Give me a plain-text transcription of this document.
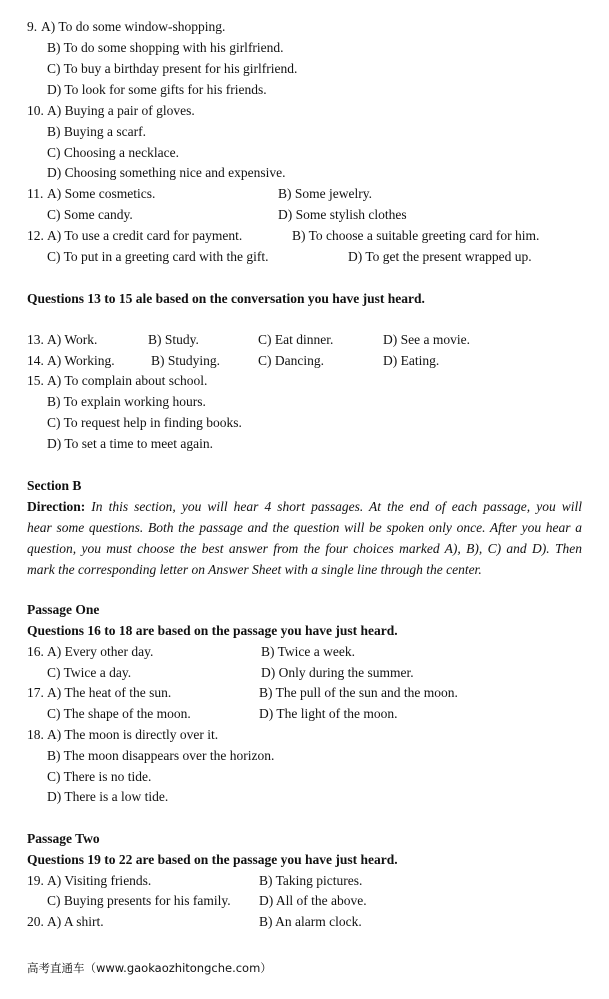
9. A) To do some window-shopping.
B) To do some shopping with his girlfriend.
C) To buy a birthday present for his girlfriend.
D) To look for some gifts for his friends.
10. A) Buying a pair of gloves.
B) Buying a scarf.
C) Choosing a necklace.
D) Choosing something nice and expensive.
11. A) Some cosmetics.	B) Some jewelry.
C) Some candy.	D) Some stylish clothes
12. A) To use a credit card for payment.	B) To choose a suitable greeting card for him.
C) To put in a greeting card with the gift.	D) To get the present wrapped up.
Questions 13 to 15 ale based on the conversation you have just heard.
13. A) Work.	B) Study.	C) Eat dinner.	D) See a movie.
14. A) Working.	B) Studying.	C) Dancing.	D) Eating.
15. A) To complain about school.
B) To explain working hours.
C) To request help in finding books.
D) To set a time to meet again.
Section B
Direction: In this section, you will hear 4 short passages. At the end of each passage, you will
hear some questions. Both the passage and the question will be spoken only once. After you hear a
question, you must choose the best answer from the four choices marked A), B), C) and D). Then
mark the corresponding letter on Answer Sheet with a single line through the center.
Passage One
Questions 16 to 18 are based on the passage you have just heard.
16. A) Every other day.	B) Twice a week.
C) Twice a day.	D) Only during the summer.
17. A) The heat of the sun.	B) The pull of the sun and the moon.
C) The shape of the moon.	D) The light of the moon.
18. A) The moon is directly over it.
B) The moon disappears over the horizon.
C) There is no tide.
D) There is a low tide.
Passage Two
Questions 19 to 22 are based on the passage you have just heard.
19. A) Visiting friends.	B) Taking pictures.
C) Buying presents for his family. D) All of the above.
20. A) A shirt.	B) An alarm clock.
高考直通车（www.gaokaozhitongche.com）
